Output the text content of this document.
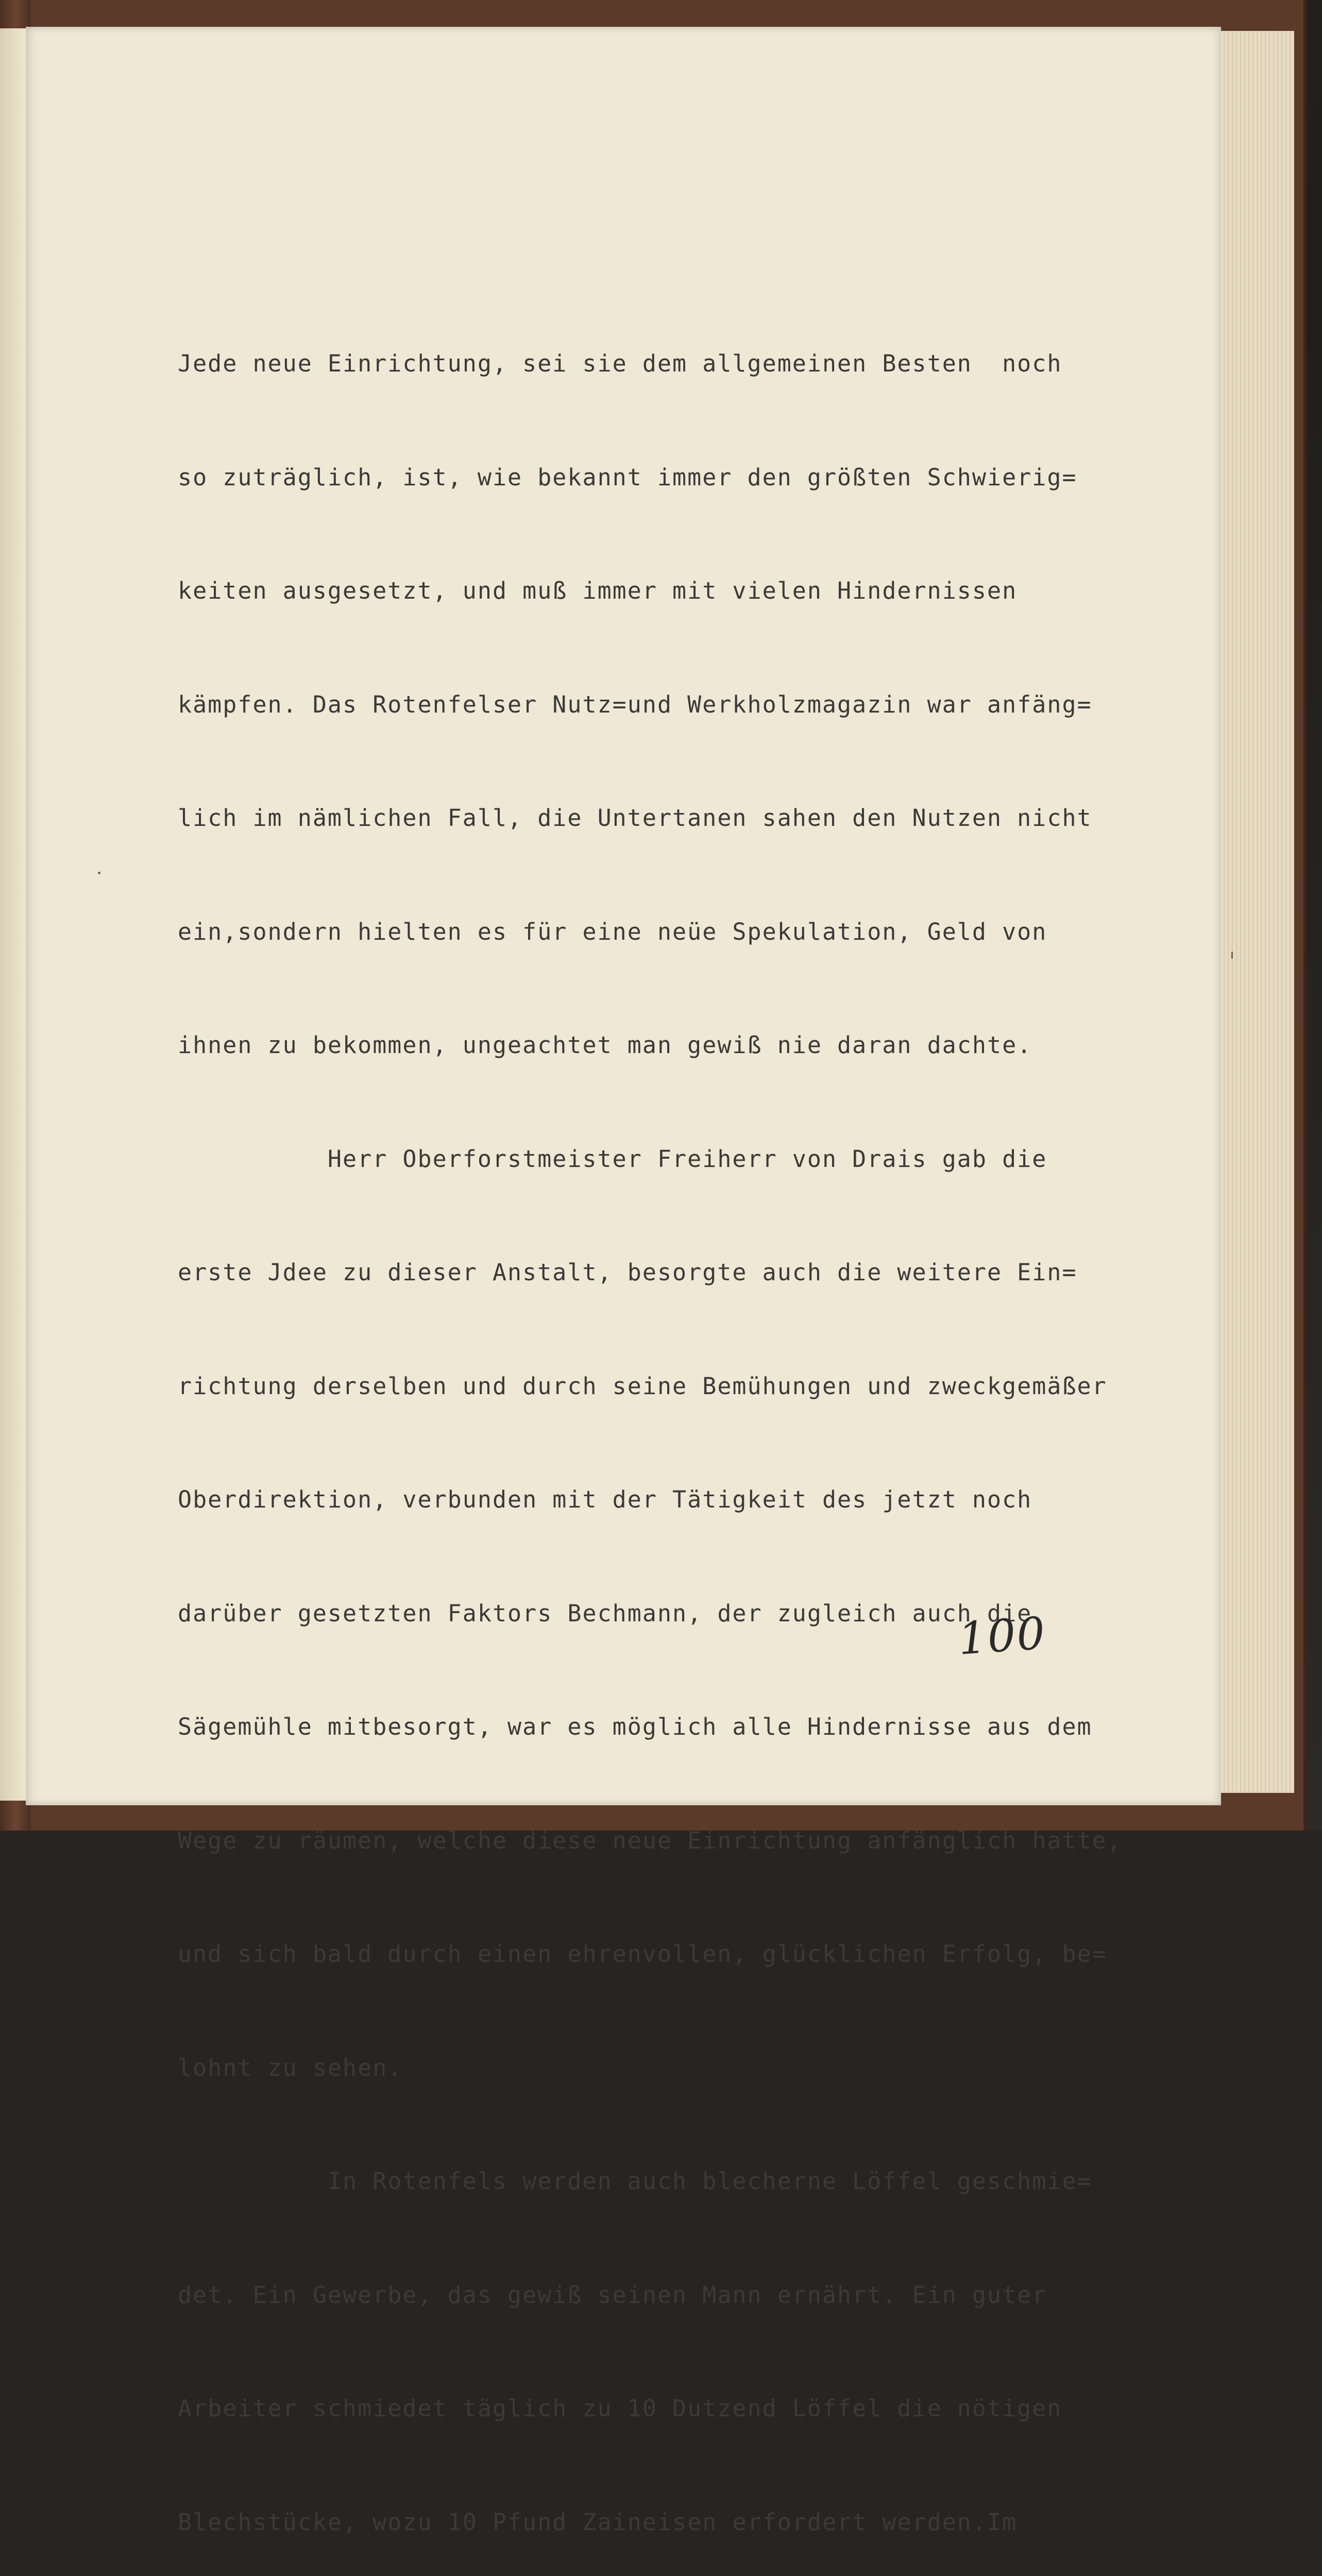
Jede neue Einrichtung, sei sie dem allgemeinen Besten  noch

so zuträglich, ist, wie bekannt immer den größten Schwierig=

keiten ausgesetzt, und muß immer mit vielen Hindernissen

kämpfen. Das Rotenfelser Nutz=und Werkholzmagazin war anfäng=

lich im nämlichen Fall, die Untertanen sahen den Nutzen nicht

ein,sondern hielten es für eine neüe Spekulation, Geld von

ihnen zu bekommen, ungeachtet man gewiß nie daran dachte.

Herr Oberforstmeister Freiherr von Drais gab die

erste Jdee zu dieser Anstalt, besorgte auch die weitere Ein=

richtung derselben und durch seine Bemühungen und zweckgemäßer

Oberdirektion, verbunden mit der Tätigkeit des jetzt noch

darüber gesetzten Faktors Bechmann, der zugleich auch die

Sägemühle mitbesorgt, war es möglich alle Hindernisse aus dem

Wege zu räumen, welche diese neue Einrichtung anfänglich hatte,

und sich bald durch einen ehrenvollen, glücklichen Erfolg, be=

lohnt zu sehen.

In Rotenfels werden auch blecherne Löffel geschmie=

det. Ein Gewerbe, das gewiß seinen Mann ernährt. Ein guter

Arbeiter schmiedet täglich zu 10 Dutzend Löffel die nötigen

Blechstücke, wozu 10 Pfund Zaineisen erfordert werden.Im

100
